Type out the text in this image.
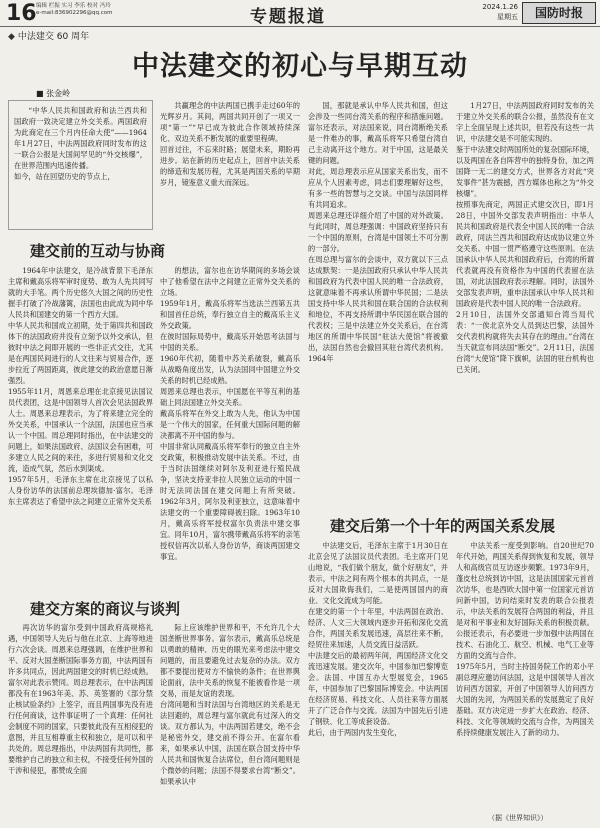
16 编辑 栏振 实习 李乐 校对 冯玲
e-mail:836902296@qq.com	专题报道	2024.1.26
星期五	国防时报
◆ 中法建交 60 周年
中法建交的初心与早期互动
■ 张金岭

“中华人民共和国政府和法兰西共和国政府一致决定建立外交关系。两国政府为此商定在三个月内任命大使”——1964年1月27日，中法两国政府同时发布的这一联合公报是大国间罕见的“外交核爆”，在世界范围内迅速传播。
如今，站在回望历史的节点上，

建交前的互动与协商

1964年中法建交，是冷战背景下毛泽东主席和戴高乐将军审时度势、敢为人先共同写就的大手笔。两个历史悠久大国之间的历史性握手打破了冷战藩篱，法国也由此成为同中华人民共和国建交的第一个西方大国。
中华人民共和国成立初期，处于第四共和国政体下的法国政府并没有立刻予以外交承认，但彼时中法之间即开展的一些非正式交往，尤其是在两国民间进行的人文往来与贸易合作，逐步拉近了两国距离，彼此建交的政治意愿日渐强烈。
1955年11月，周恩来总理在北京接见法国议员代表团，这是中国领导人首次会见法国政界人士。周恩来总理表示，为了将来建立完全的外交关系，中国承认一个法国，法国也应当承认一个中国。周总理同时指出，在中法建交的问题上，如果法国政府、法国议会有困难，可多建立人民之间的来往，多进行贸易和文化交流，造成气氛，然后水到渠成。
1957年5月，毛泽东主席在北京接见了以私人身份访华的法国前总理埃德加·富尔。毛泽东主席表达了希望中法之间建立正常外交关系

建交方案的商议与谈判

再次访华的富尔受到中国政府高规格礼遇，中国领导人先后与他在北京、上海等地进行六次会谈。周恩来总理强调，在维护世界和平、反对大国垄断国际事务方面，中法两国有许多共同点，因此两国建交的时机已经成熟。富尔对此表示赞同。周总理表示，在中法两国都没有在1963年美、苏、英签署的《部分禁止核试验条约》上签字，而且两国事先没有进行任何商谈，这件事证明了一个真理：任何社会制度不同的国家，只要彼此没有互相侵犯的意图，并且互相尊重主权和独立，是可以和平共处的。周总理指出，中法两国有共同性，都要维护自己的独立和主权，不接受任何外国的干涉和侵犯，都赞成全面

共赢理念的中法两国已携手走过60年的光辉岁月。其间，两国共同开创了一项又一项“第一”“早已成为彼此合作领域持续深化、双边关系不断发展的重要里程碑。
回首过往，不忘来时路；展望未来，期盼再进步。站在新的历史起点上，回首中法关系的缔造和发展历程，尤其是两国关系的早期岁月，镜鉴意义重大而深远。

的想法，富尔也在访华期间的多场会谈中了他希望在法中之间建立正常外交关系的立场。
1959年1月，戴高乐将军当选法兰西第五共和国首任总统，奉行独立自主的戴高乐主义外交政策。
在彼时国际局势中，戴高乐开始思考法国与中国的关系。
1960年代初，随着中苏关系破裂，戴高乐从战略角度出发，认为法国同中国建立外交关系的时机已经成熟。
周恩来总理也表示，中国愿在平等互利的基础上同法国建立外交关系。
戴高乐将军在外交上敢为人先，他认为中国是一个伟大的国家，任何重大国际问题的解决都离不开中国的参与。
中国非常认同戴高乐将军奉行的独立自主外交政策，积极推动发展中法关系。不过，由于当时法国继续对阿尔及利亚进行殖民战争，坚决支持亚非拉人民独立运动的中国一时无法同法国在建交问题上有所突破。1962年3月，阿尔及利亚独立，这意味着中法建交的一个重要障碍被扫除。1963年10月，戴高乐将军授权富尔负责法中建交事宜。同年10月，富尔携带戴高乐将军的亲笔授权信再次以私人身份访华，商谈两国建交事宜。

际上应该维护世界和平，不允许几个大国垄断世界事务。富尔表示，戴高乐总统是以勇敢的精神、历史的眼光来考虑法中建交问题的，而且要避免过去复杂的办法。双方都不要提出使对方不愉快的条件；在世界舆论面前，法中关系的恢复不能被看作是一项交易，而是友谊的表现。
台湾问题和当时法国与台湾地区的关系是无法回避的，周总理与富尔就此有过深入的交谈。双方都认为，中法两国若建交，绝不会是秘密外交，建交前不得公开。在富尔看来，如果承认中国，法国在联合国支持中华人民共和国恢复合法席位，但台湾问题则是个微妙的问题；法国不得要求台湾“断交”。如果承认中

国，那就是承认中华人民共和国，但这会涉及一些同台湾关系的程序和措施问题。富尔还表示，对法国来说，同台湾断绝关系是一件难办的事，戴高乐将军只希望台湾自己主动离开这个地方。对于中国，这是最关键的问题。
对此，周总理表示应从国家关系出发，而不应从个人因素考虑，同志们要理解好这些，有多一些的智慧与之交谈。中国与法国同样有共同追求。
周恩来总理还详细介绍了中国的对外政策。与此同时，周总理强调：中国政府坚持只有一个中国的原则，台湾是中国领土不可分割的一部分。
在周总理与富尔的会谈中，双方就以下三点达成默契：一是法国政府只承认中华人民共和国政府为代表中国人民的唯一合法政府，这就意味着不再承认所谓中华民国；二是法国支持中华人民共和国在联合国的合法权利和地位，不再支持所谓中华民国在联合国的代表权；三是中法建立外交关系后，在台湾地区的所谓中华民国“驻法大使馆”将被撤出，法国自然也会撤回其驻台湾代表机构。1964年

建交后第一个十年的两国关系发展

中法建交后，毛泽东主席于1月30日在北京会见了法国议员代表团。毛主席开门见山地说，“我们做个朋友，做个好朋友”，并表示，中法之间有两个根本的共同点，一是反对大国欺侮我们，二是使两国国内的商业、文化交流成为可能。
在建交的第一个十年里，中法两国在政治、经济、人文三大领域内逐步开拓和深化交流合作，两国关系发展迅速，高层往来不断，经贸往来加速，人员交流日益活跃。
中法建交后的最初两年间，两国经济文化交流迅速发展。建交次年，中国参加巴黎博览会。法国、中国互办大型展览会，1965年，中国参加了巴黎国际博览会。中法两国在经济贸易、科技文化、人员往来等方面展开了广泛合作与交流。法国为中国先后引进了钢铁、化工等成套设备。
此后，由于两国内发生变化，

1月27日，中法两国政府同时发布的关于建立外交关系的联合公报，虽然没有在文字上全面呈现上述共识，但若没有这些一共识，中法建交是不可能实现的。
鉴于中法建交时两国所处的复杂国际环境，以及两国在各自阵营中的独特身份，加之两国降一无二的建交方式，世界各方对此“突发事件”甚为震撼，西方媒体也称之为“外交核爆”。
按照事先商定，两国正式建交次日，即1月28日，中国外交部发表声明指出：中华人民共和国政府是代表全中国人民的唯一合法政府，同法兰西共和国政府达成协议建立外交关系。中国一贯严格遵守这些原则。在法国承认中华人民共和国政府后，台湾的所谓代表就再没有资格作为中国的代表留在法国，对此法国政府表示理解。同时，法国外交部发表声明，重申法国承认中华人民共和国政府是代表中国人民的唯一合法政府。
2月10日，法国外交部通知台湾当局代表：“一俟北京外交人员到达巴黎，法国外交代表机构就将失去其存在的理由。”台湾在当天就宣布同法国“断交”。2月11日，法国台湾“大使馆”降下旗帜，法国的驻台机构也已关闭。

中法关系一度受到影响。自20世纪70年代开始，两国关系得到恢复和发展，领导人和高级官员互访逐步频繁。1973年9月，蓬皮杜总统到访中国，这是法国国家元首首次访华，也是西欧大国中第一位国家元首访问新中国，访问结束时发表的联合公报表示，中法关系的发展符合两国的利益，并且是对和平事业和友好国际关系的积极贡献。公报还表示，有必要进一步加强中法两国在技术、石油化工、航空、机械、电气工业等方面的交流与合作。
1975年5月，当时主持国务院工作的邓小平副总理应邀访问法国，这是中国领导人首次访问西方国家，开创了中国领导人访问西方大国的先河，为两国关系的发展奠定了良好基础。双方决定进一步扩大在政治、经济、科技、文化等领域的交流与合作，为两国关系持续健康发展注入了新的动力。

（据《世界知识》）
